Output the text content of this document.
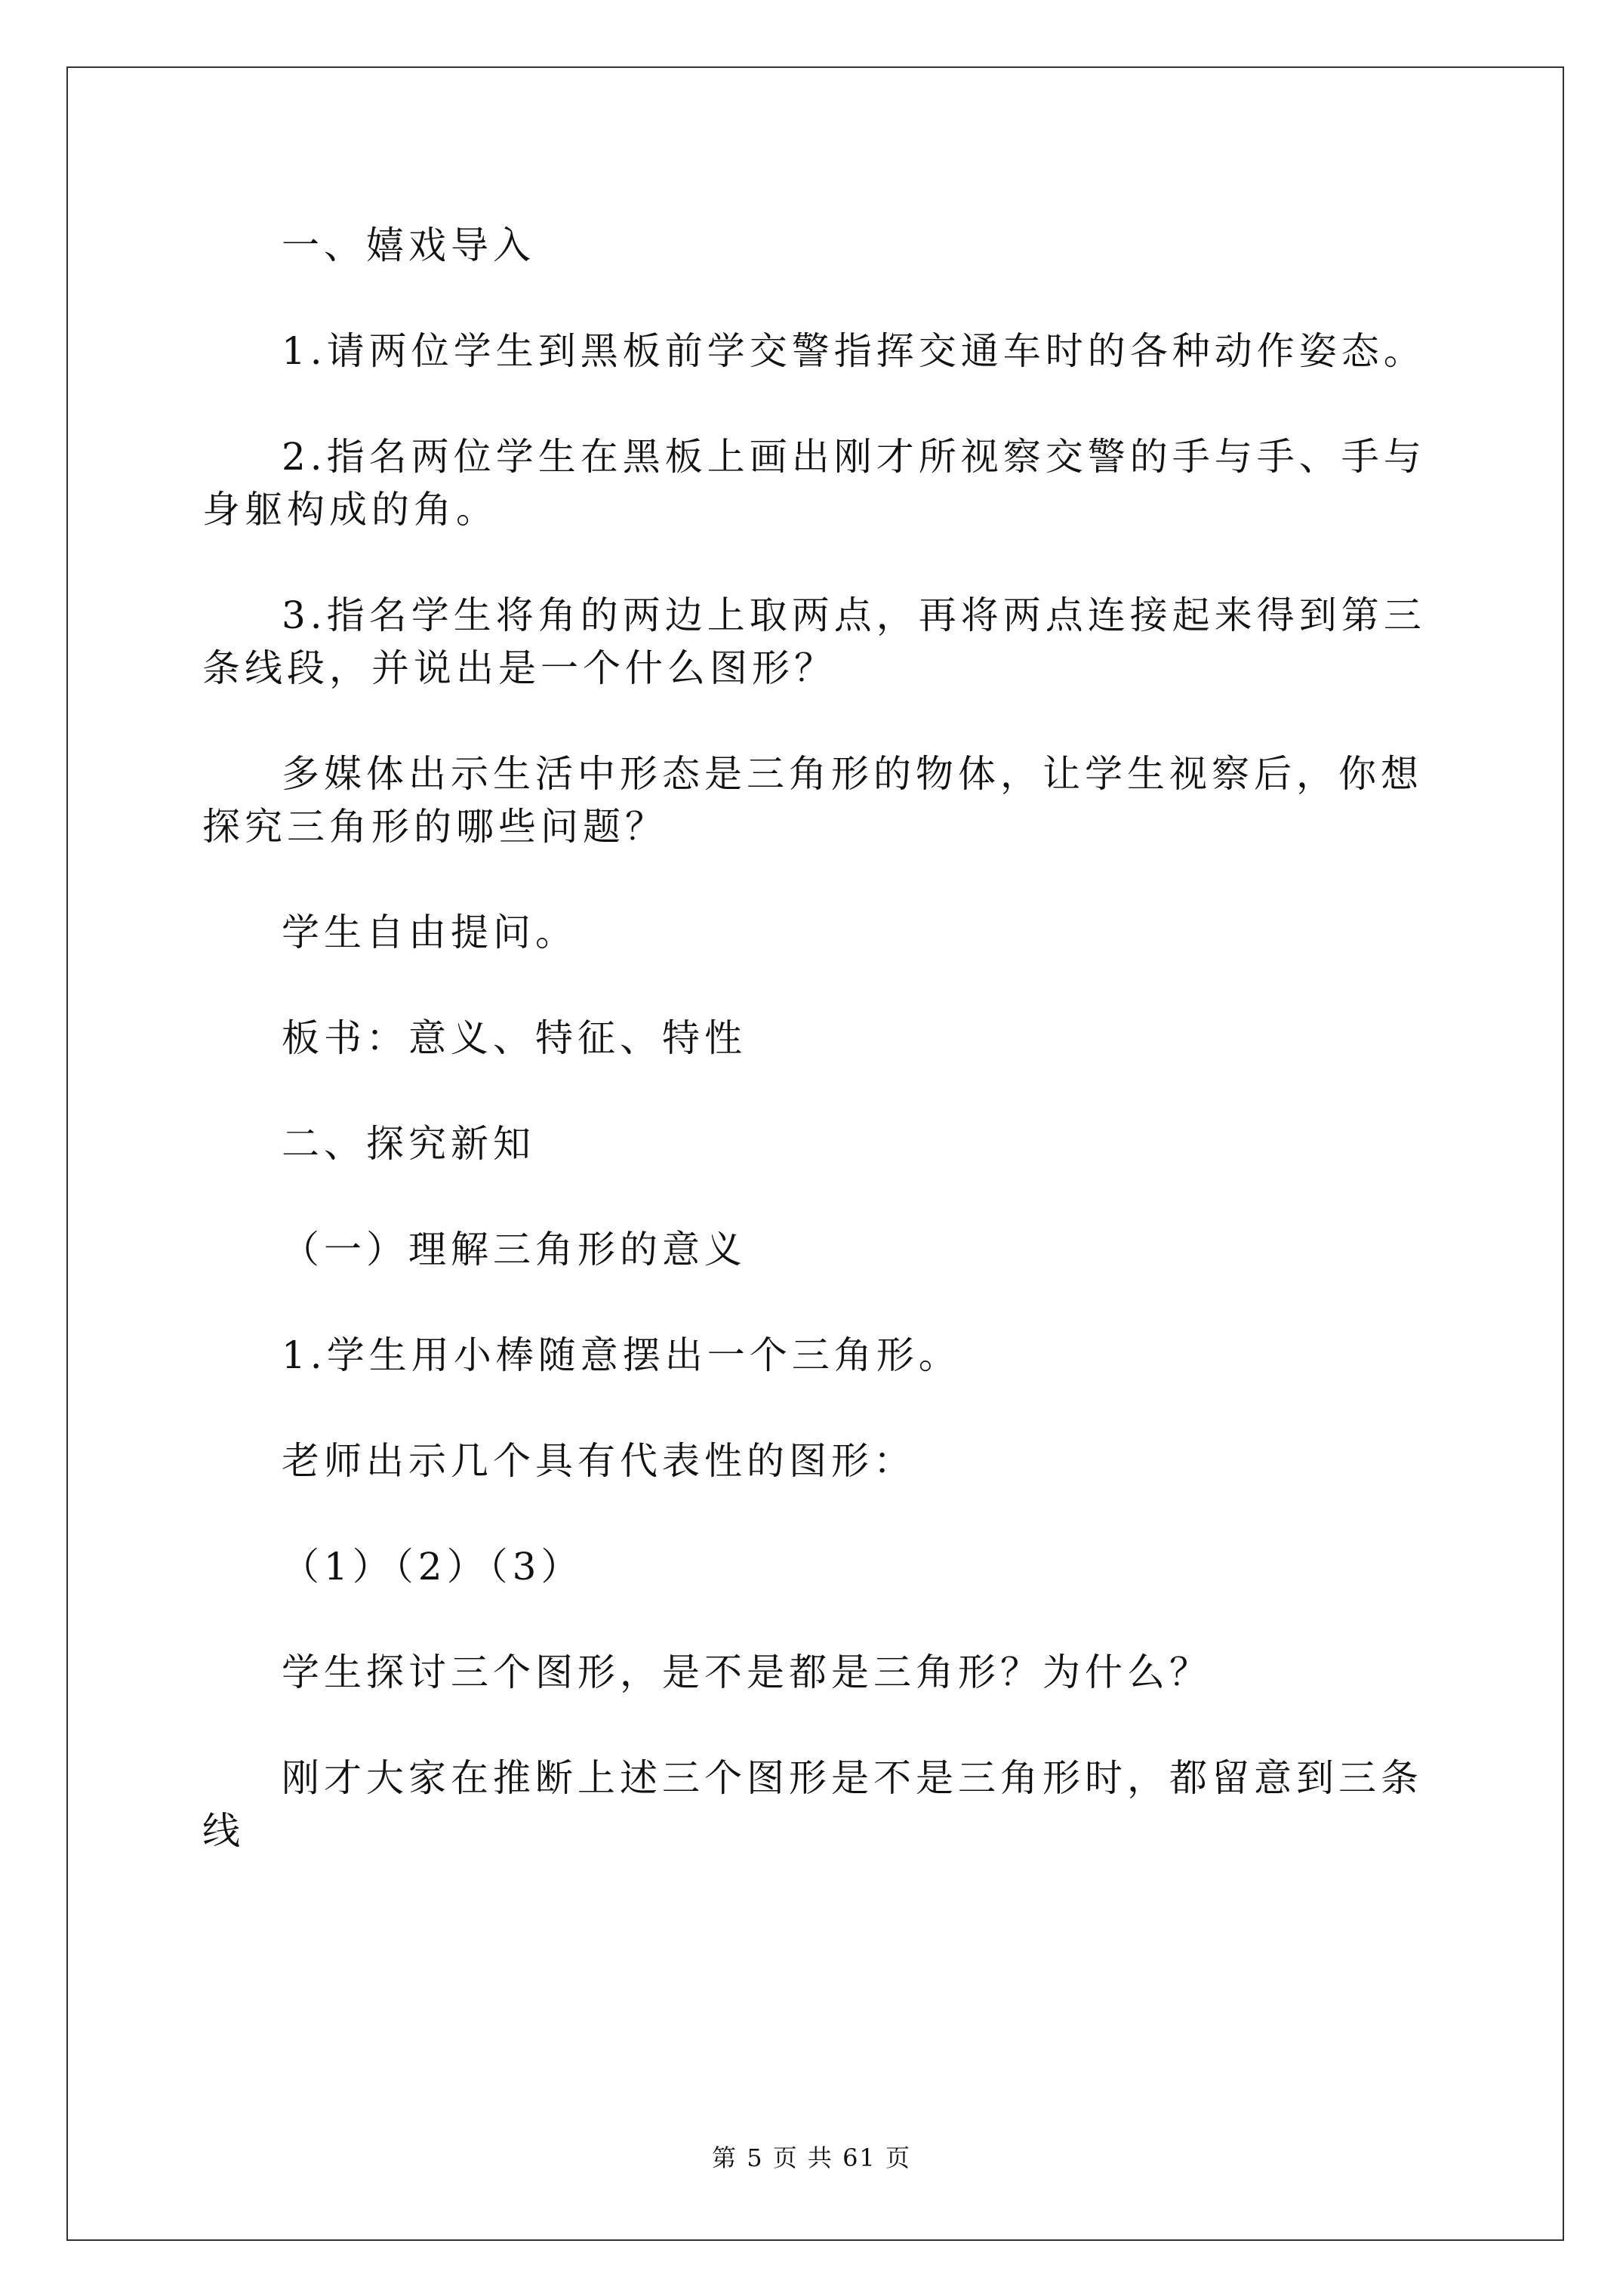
一、嬉戏导入

1.请两位学生到黑板前学交警指挥交通车时的各种动作姿态。

2.指名两位学生在黑板上画出刚才所视察交警的手与手、手与身躯构成的角。

3.指名学生将角的两边上取两点，再将两点连接起来得到第三条线段，并说出是一个什么图形？

多媒体出示生活中形态是三角形的物体，让学生视察后，你想探究三角形的哪些问题？

学生自由提问。

板书：意义、特征、特性

二、探究新知

（一）理解三角形的意义

1.学生用小棒随意摆出一个三角形。

老师出示几个具有代表性的图形：

（1）（2）（3）

学生探讨三个图形，是不是都是三角形？为什么？

刚才大家在推断上述三个图形是不是三角形时，都留意到三条线

第 5 页 共 61 页
